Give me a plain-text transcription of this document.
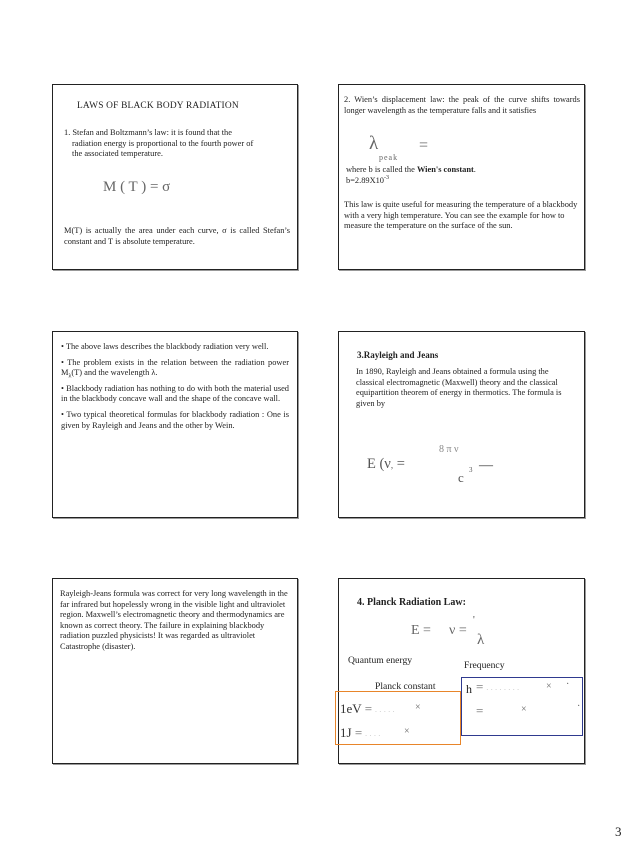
LAWS OF BLACK BODY RADIATION
1. Stefan and Boltzmann’s law: it is found that the

radiation energy is proportional to the fourth power of
the associated temperature.
M ( T ) = σ
M(T) is actually the area under each curve, σ is called Stefan’s constant and T is absolute temperature.
2. Wien’s displacement law: the peak of the curve shifts towards longer wavelength as the temperature falls and it satisfies
λ
peak
=
where b is called the Wien's constant.
$b=2.89X10^{-3}$
This law is quite useful for measuring the temperature of a blackbody with a very high temperature. You can see the example for how to measure the temperature on the surface of the sun.

• The above laws describes the blackbody radiation very well.

• The problem exists in the relation between the radiation power $M_\lambda(T)$ and the wavelength λ.

• Blackbody radiation has nothing to do with both the material used in the blackbody concave wall and the shape of the concave wall.

• Two typical theoretical formulas for blackbody radiation : One is given by Rayleigh and Jeans and the other by Wein.

3.Rayleigh and Jeans
In 1890, Rayleigh and Jeans obtained a formula using the classical electromagnetic (Maxwell) theory and the classical equipartition theorem of energy in thermotics. The formula is given by
8 π ν
E (ν, =	—
c 3
Rayleigh-Jeans formula was correct for very long wavelength in the far infrared but hopelessly wrong in the visible light and ultraviolet region. Maxwell’s electromagnetic theory and thermodynamics are known as correct theory. The failure in explaining blackbody radiation puzzled physicists! It was regarded as ultraviolet Catastrophe (disaster).
4. Planck Radiation Law:
E = ν =
'
λ
Quantum energy	Frequency
Planck constant	h = • • • • • • • •	× ·
=	×	·
1eV = • • • • • ×
1J = • • • • ×
3
